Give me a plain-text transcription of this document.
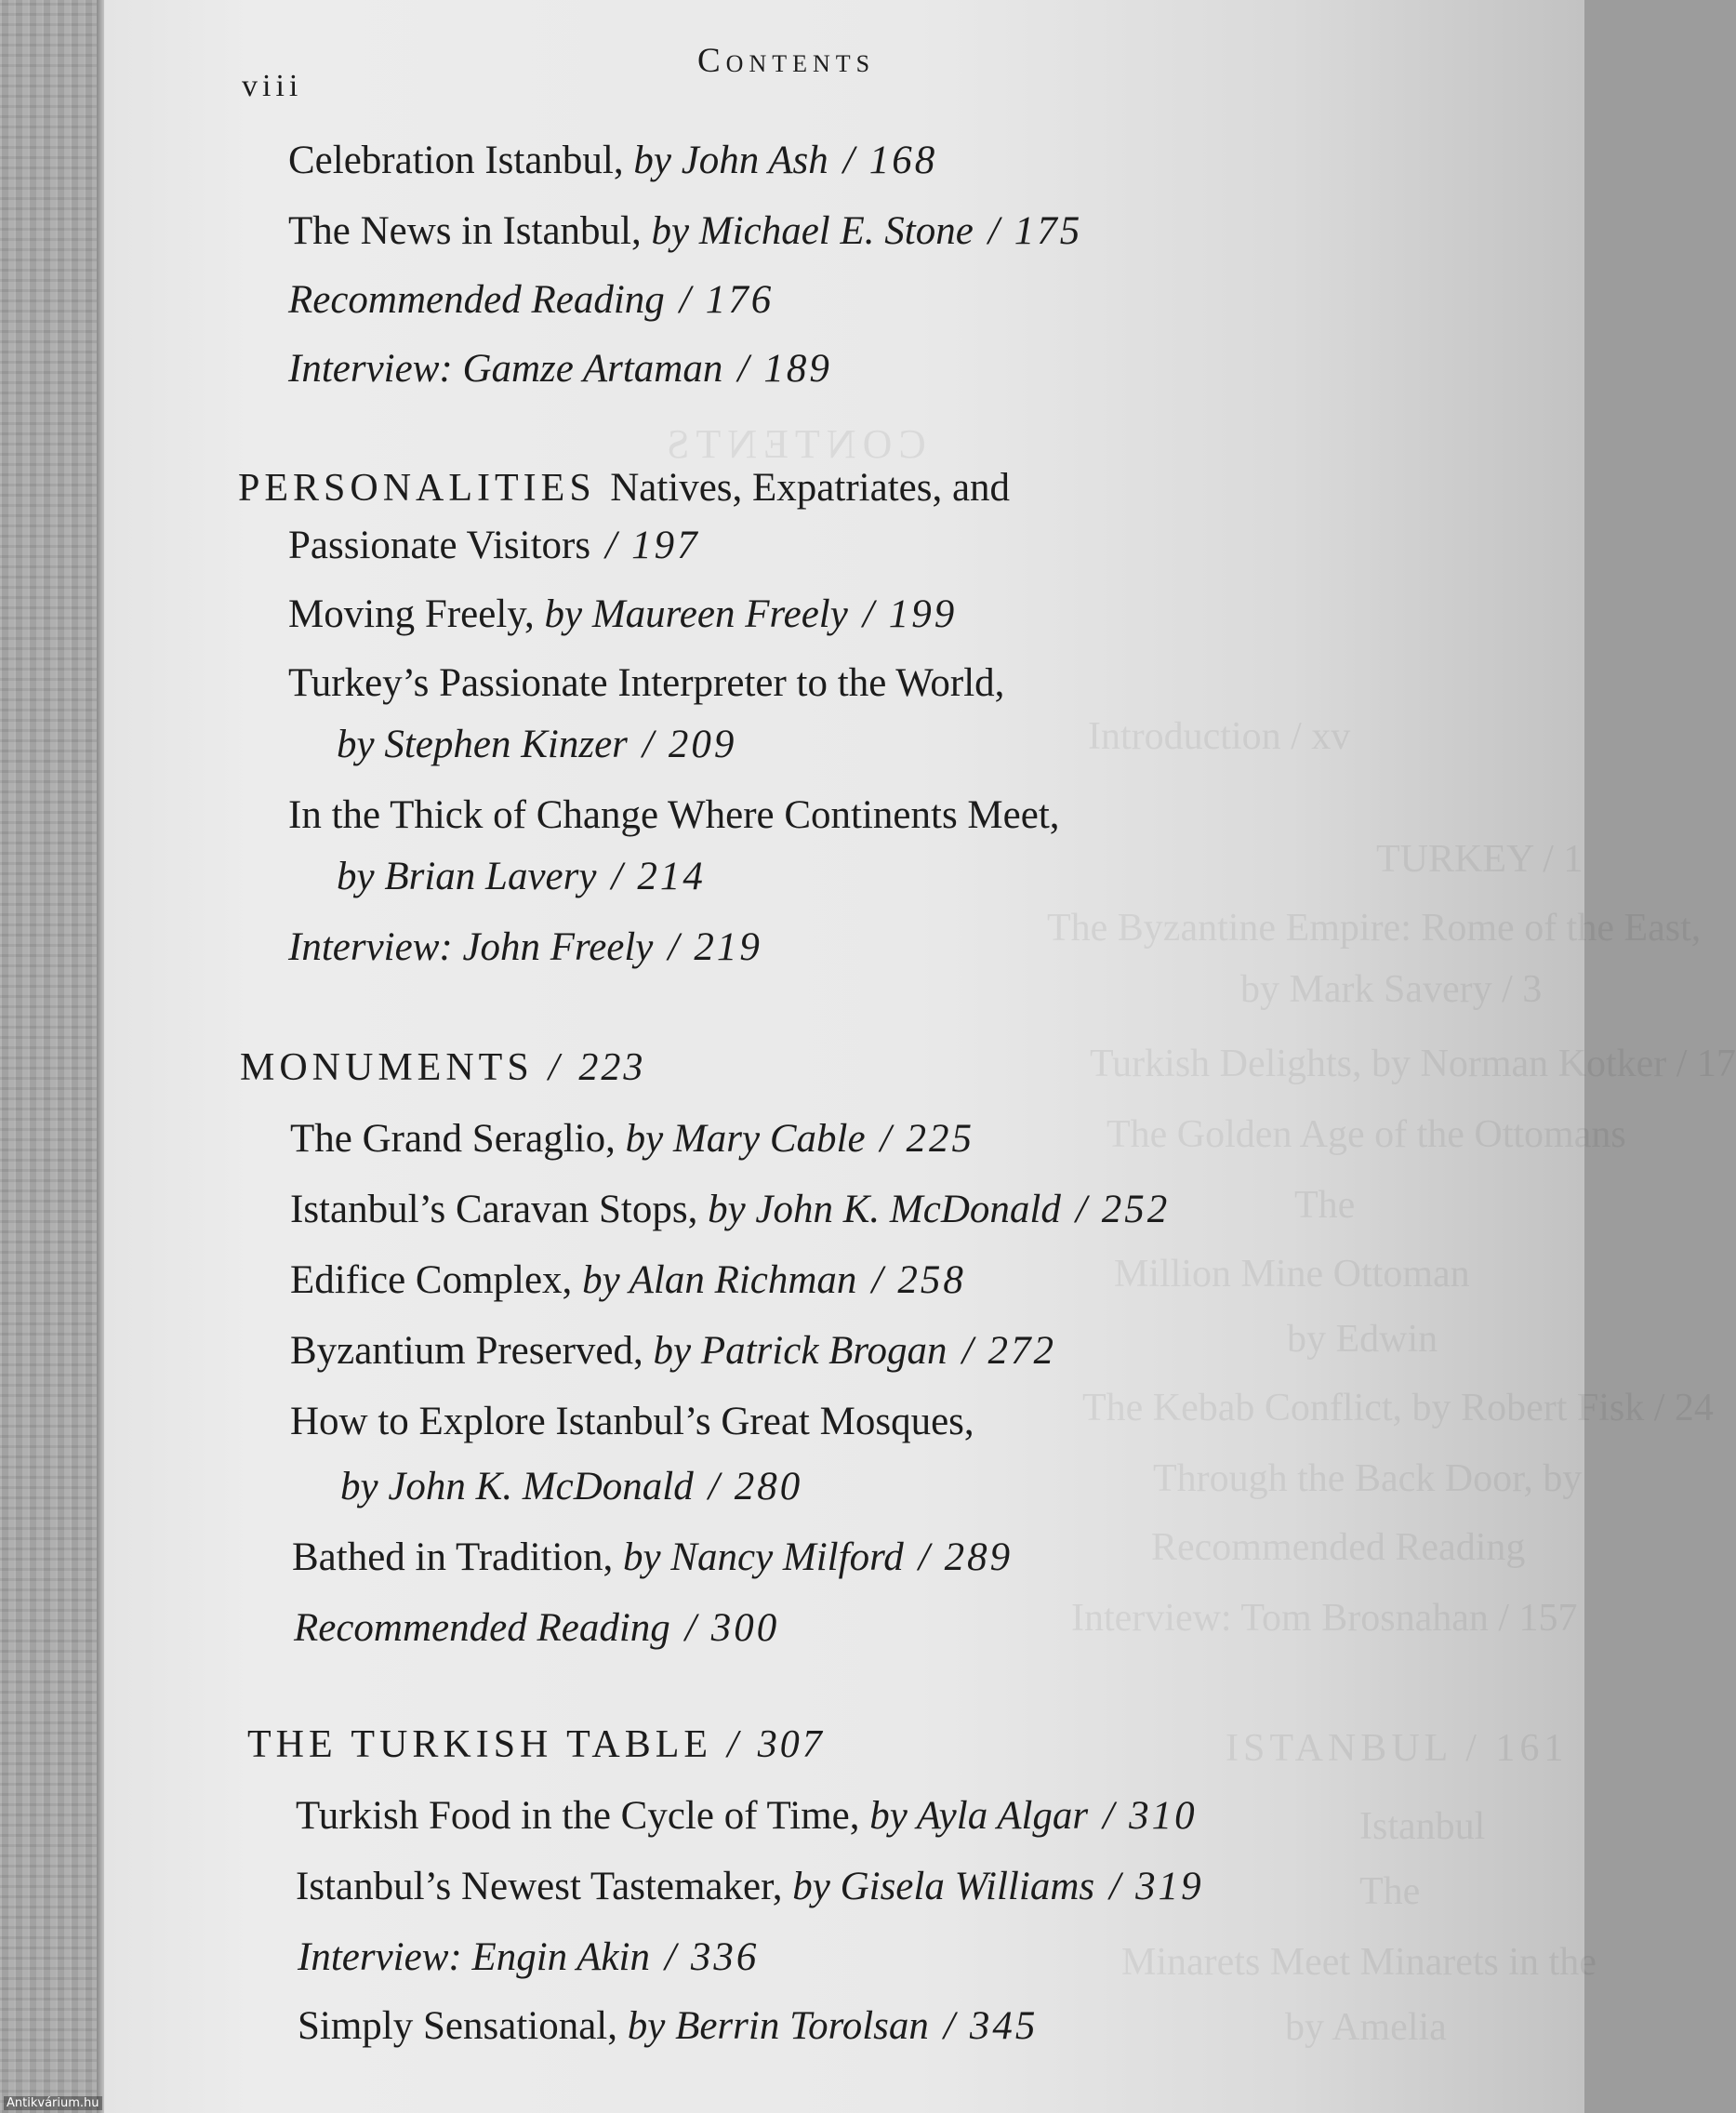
CONTENTS
Introduction / xv
TURKEY / 1
The Byzantine Empire: Rome of the East,
by Mark Savery / 3
Turkish Delights, by Norman Kotker / 17
The Golden Age of the Ottomans
The
Million Mine Ottoman
by Edwin
The Kebab Conflict, by Robert Fisk / 24
Through the Back Door, by
Recommended Reading
Interview: Tom Brosnahan / 157
ISTANBUL / 161
Istanbul
The
Minarets Meet Minarets in the
by Amelia
viii
Contents
Celebration Istanbul, by John Ash / 168
The News in Istanbul, by Michael E. Stone / 175
Recommended Reading / 176
Interview: Gamze Artaman / 189
PERSONALITIES Natives, Expatriates, and
Passionate Visitors / 197
Moving Freely, by Maureen Freely / 199
Turkey’s Passionate Interpreter to the World,
by Stephen Kinzer / 209
In the Thick of Change Where Continents Meet,
by Brian Lavery / 214
Interview: John Freely / 219
MONUMENTS / 223
The Grand Seraglio, by Mary Cable / 225
Istanbul’s Caravan Stops, by John K. McDonald / 252
Edifice Complex, by Alan Richman / 258
Byzantium Preserved, by Patrick Brogan / 272
How to Explore Istanbul’s Great Mosques,
by John K. McDonald / 280
Bathed in Tradition, by Nancy Milford / 289
Recommended Reading / 300
THE TURKISH TABLE / 307
Turkish Food in the Cycle of Time, by Ayla Algar / 310
Istanbul’s Newest Tastemaker, by Gisela Williams / 319
Interview: Engin Akin / 336
Simply Sensational, by Berrin Torolsan / 345
Antikvárium.hu
